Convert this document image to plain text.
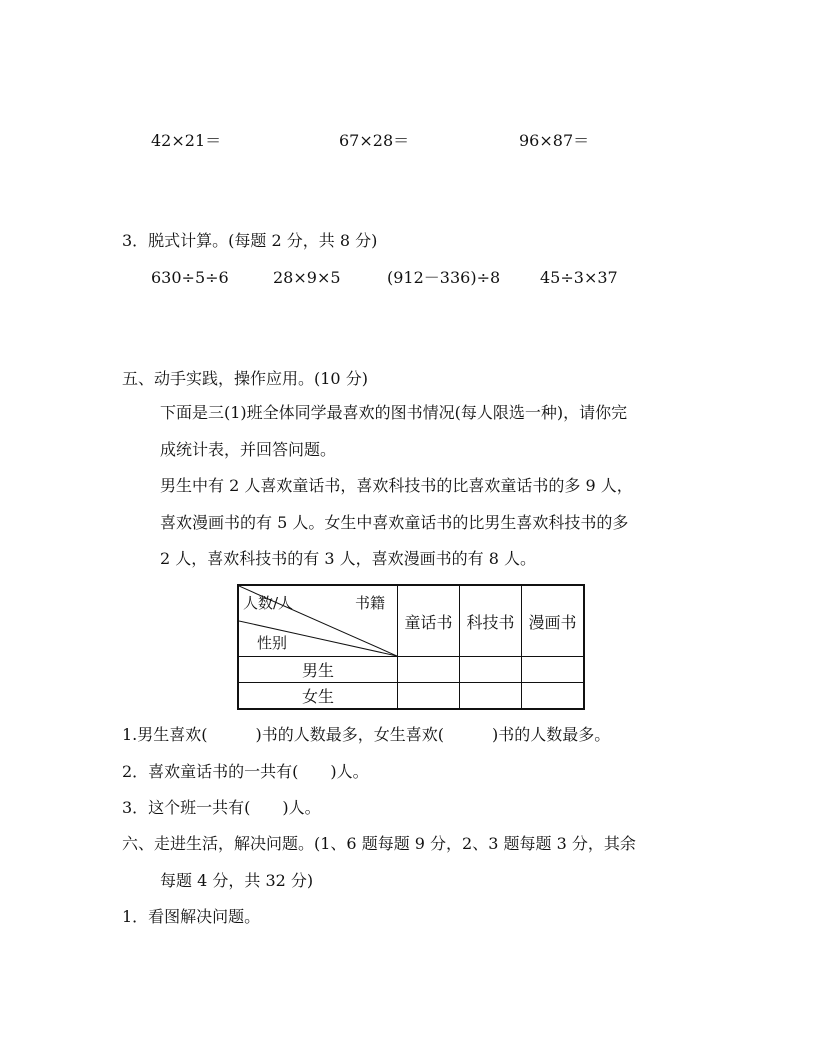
42×21＝	67×28＝	96×87＝
3．脱式计算。(每题 2 分，共 8 分)
630÷5÷6	28×9×5	(912－336)÷8 45÷3×37
五、动手实践，操作应用。(10 分)
下面是三(1)班全体同学最喜欢的图书情况(每人限选一种)，请你完
成统计表，并回答问题。
男生中有 2 人喜欢童话书，喜欢科技书的比喜欢童话书的多 9 人，
喜欢漫画书的有 5 人。女生中喜欢童话书的比男生喜欢科技书的多
2 人，喜欢科技书的有 3 人，喜欢漫画书的有 8 人。
人数/人 书籍
性别	童话书	科技书	漫画书
男生			
女生			
1.男生喜欢(　　　)书的人数最多，女生喜欢(　　　)书的人数最多。
2．喜欢童话书的一共有(　　)人。
3．这个班一共有(　　)人。
六、走进生活，解决问题。(1、6 题每题 9 分，2、3 题每题 3 分，其余
每题 4 分，共 32 分)
1．看图解决问题。
